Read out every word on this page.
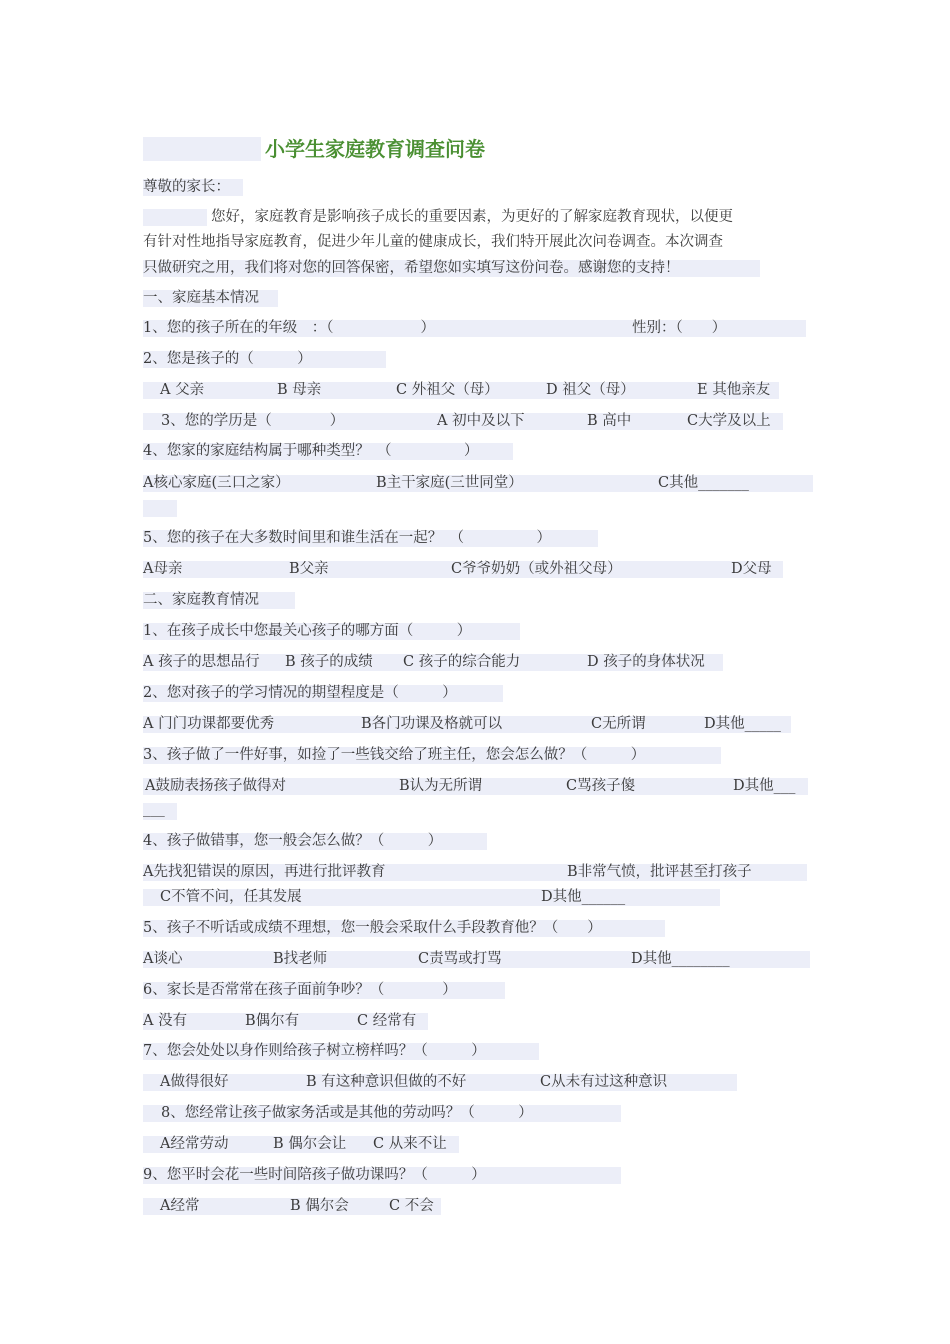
小学生家庭教育调查问卷
尊敬的家长：
您好，家庭教育是影响孩子成长的重要因素，为更好的了解家庭教育现状，以便更
有针对性地指导家庭教育，促进少年儿童的健康成长，我们特开展此次问卷调查。本次调查
只做研究之用，我们将对您的回答保密，希望您如实填写这份问卷。感谢您的支持！
一、家庭基本情况
1、您的孩子所在的年级　：（　　　　　　）	性别：（　　）
2、您是孩子的（　　　）
A 父亲	B 母亲	C 外祖父（母）	D 祖父（母）	E 其他亲友
3、您的学历是（　　　　）	A 初中及以下	B 高中	C大学及以上
4、您家的家庭结构属于哪种类型？　（　　　　　）
A核心家庭(三口之家）	B主干家庭(三世同堂）	C其他_______
5、您的孩子在大多数时间里和谁生活在一起？　（　　　　　）
A母亲	B父亲	C爷爷奶奶（或外祖父母）	D父母
二、家庭教育情况
1、在孩子成长中您最关心孩子的哪方面（　　　）
A 孩子的思想品行 B 孩子的成绩 C 孩子的综合能力	D 孩子的身体状况
2、您对孩子的学习情况的期望程度是（　　　）
A 门门功课都要优秀	B各门功课及格就可以	C无所谓	D其他_____
3、孩子做了一件好事，如捡了一些钱交给了班主任，您会怎么做？（　　　）
A鼓励表扬孩子做得对	B认为无所谓	C骂孩子傻	D其他___
___
4、孩子做错事，您一般会怎么做？（　　　）
A先找犯错误的原因，再进行批评教育	B非常气愤，批评甚至打孩子
C不管不问，任其发展	D其他______
5、孩子不听话或成绩不理想，您一般会采取什么手段教育他？（　　）
A谈心	B找老师	C责骂或打骂	D其他________
6、家长是否常常在孩子面前争吵？（　　　　）
A 没有	B偶尔有	C 经常有
7、您会处处以身作则给孩子树立榜样吗？（　　　）
A做得很好	B 有这种意识但做的不好	C从未有过这种意识
8、您经常让孩子做家务活或是其他的劳动吗？（　　　）
A经常劳动	B 偶尔会让 C 从来不让
9、您平时会花一些时间陪孩子做功课吗？（　　　）
A经常	B 偶尔会	C 不会
